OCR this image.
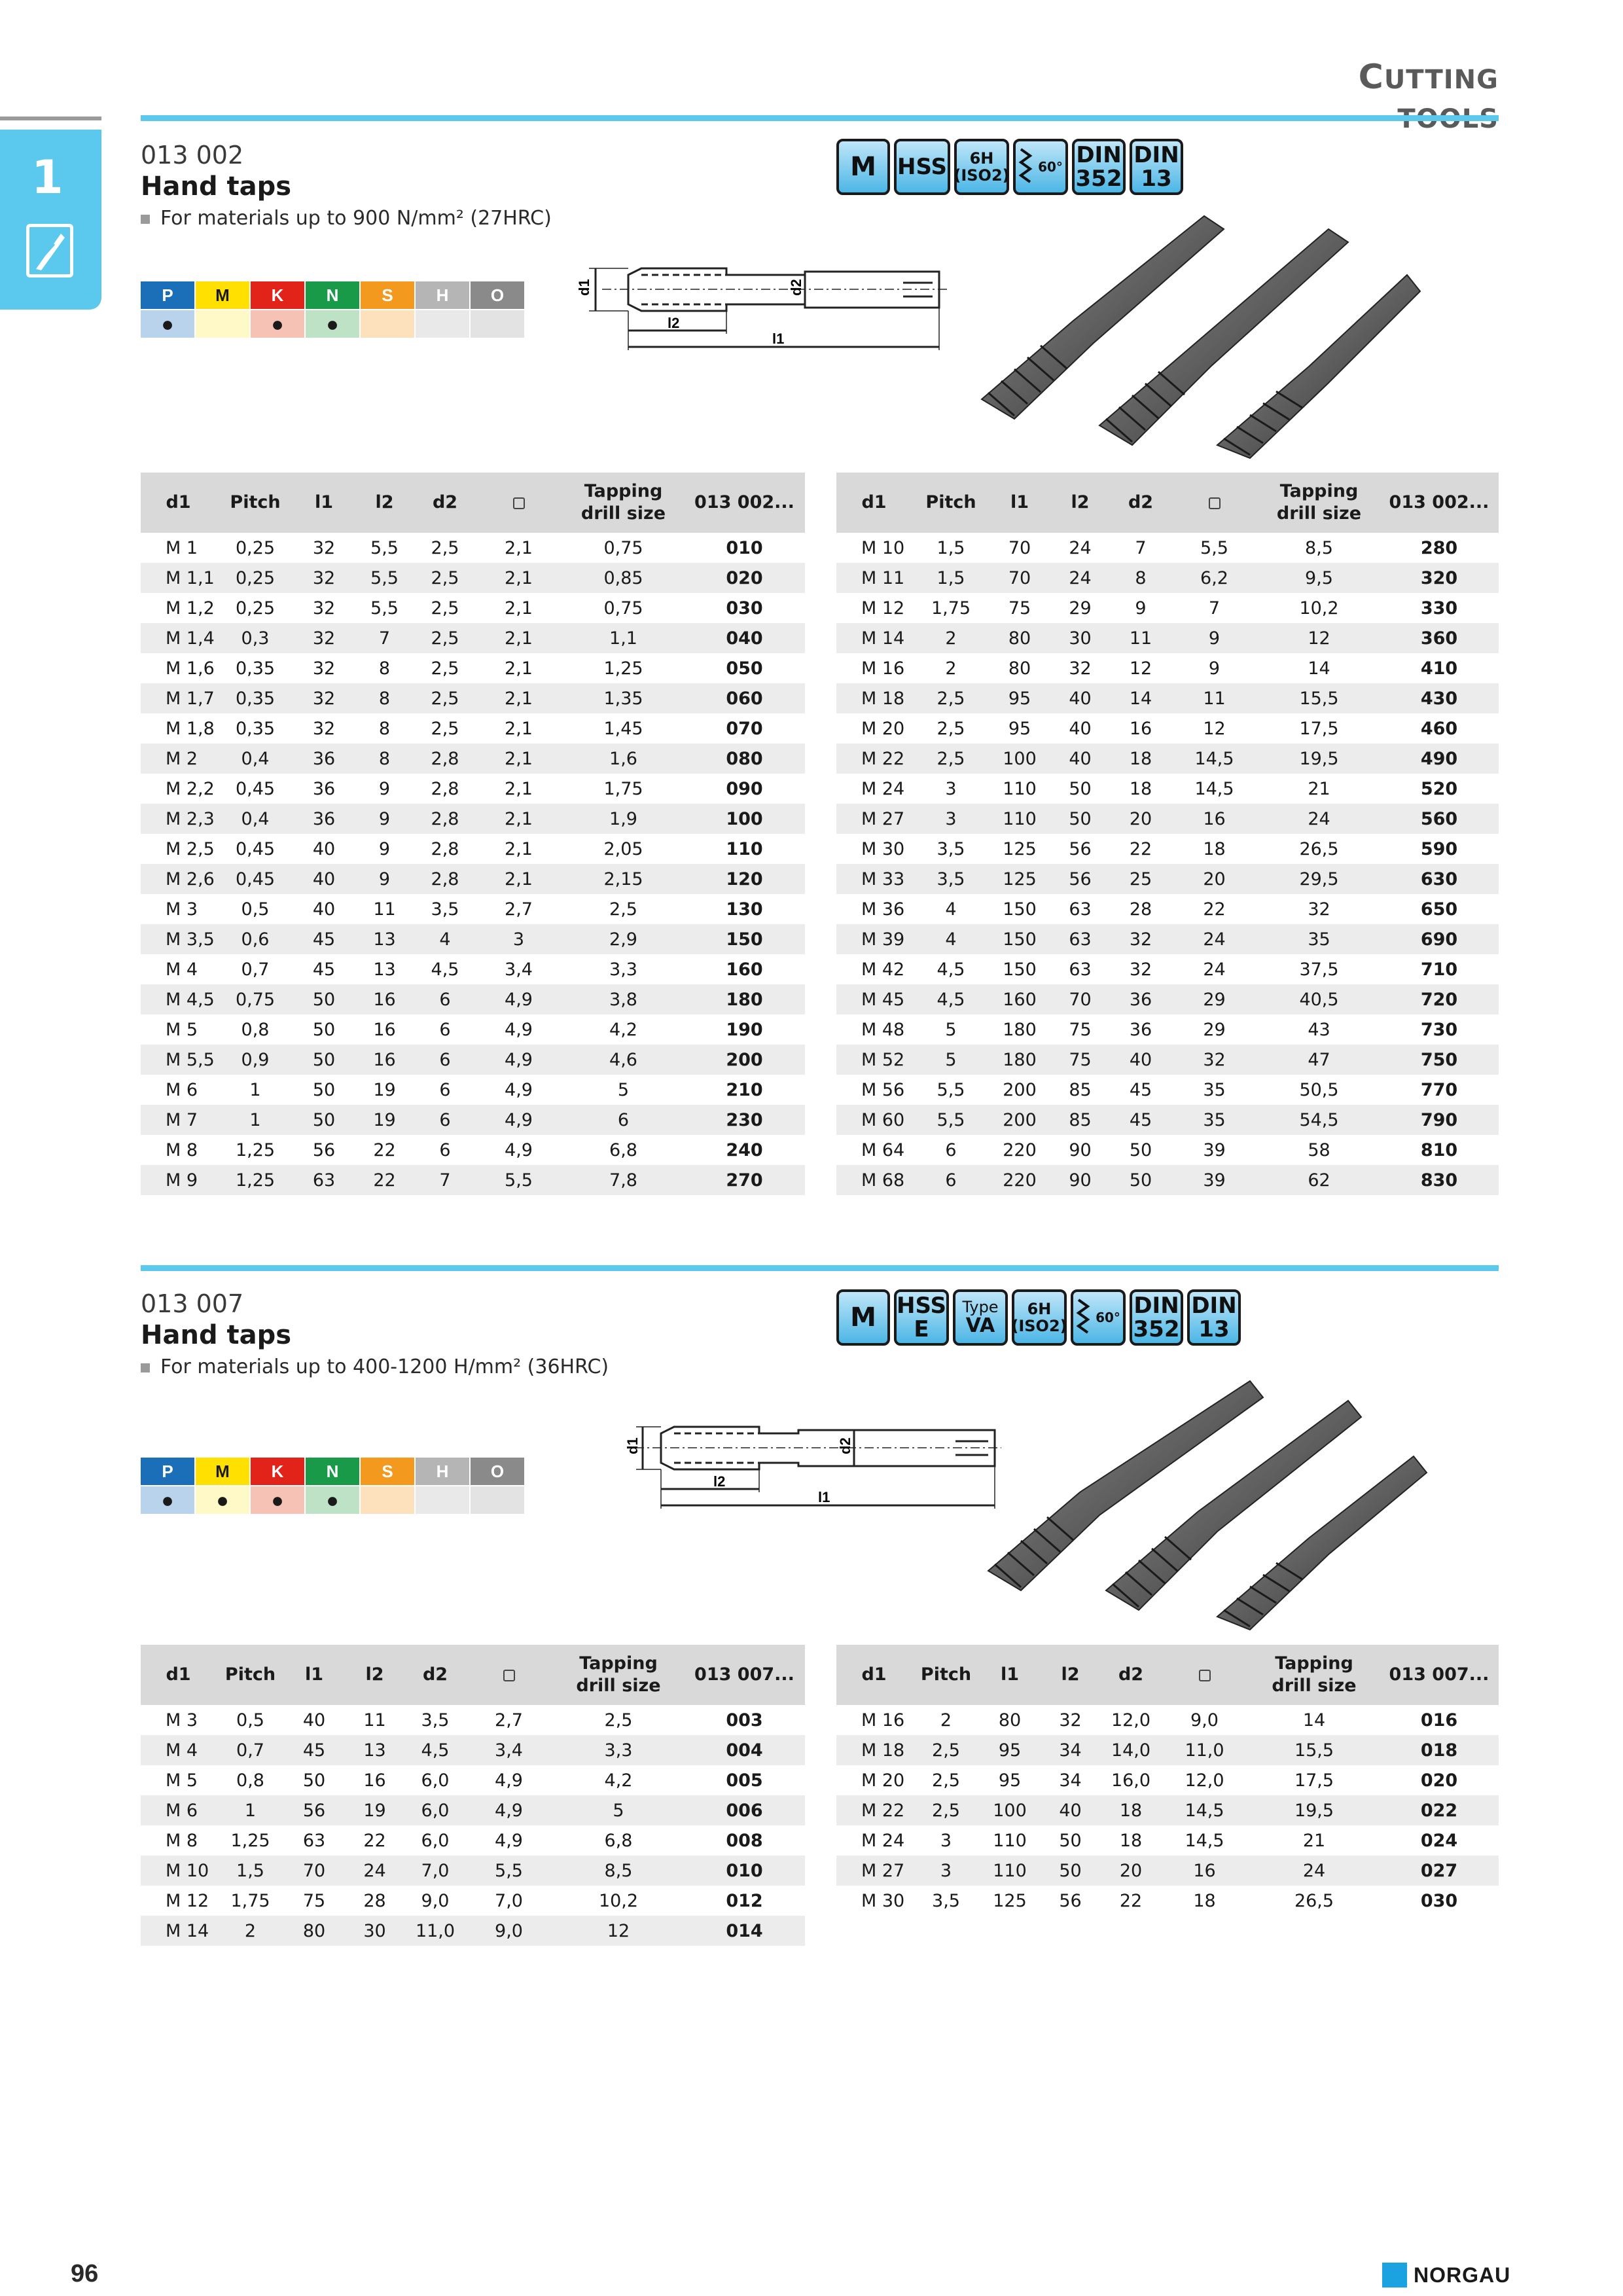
CUTTING
1	013 002
Hand taps
For materials up to 900 N/mm² (27HRC)
P
●
M	K
●
N
●
S	H	O
M HSS 6H
(ISO2) 60° DIN
352
DIN
13
d1	d2
l2
l1
d1	Pitch	l1	l2	d2		Tapping
drill size	013 002...
M 1	0,25	32	5,5	2,5	2,1	0,75	010
M 1,1	0,25	32	5,5	2,5	2,1	0,85	020
M 1,2	0,25	32	5,5	2,5	2,1	0,75	030
M 1,4	0,3	32	7	2,5	2,1	1,1	040
M 1,6	0,35	32	8	2,5	2,1	1,25	050
M 1,7	0,35	32	8	2,5	2,1	1,35	060
M 1,8	0,35	32	8	2,5	2,1	1,45	070
M 2	0,4	36	8	2,8	2,1	1,6	080
M 2,2	0,45	36	9	2,8	2,1	1,75	090
M 2,3	0,4	36	9	2,8	2,1	1,9	100
M 2,5	0,45	40	9	2,8	2,1	2,05	110
M 2,6	0,45	40	9	2,8	2,1	2,15	120
M 3	0,5	40	11	3,5	2,7	2,5	130
M 3,5	0,6	45	13	4	3	2,9	150
M 4	0,7	45	13	4,5	3,4	3,3	160
M 4,5	0,75	50	16	6	4,9	3,8	180
M 5	0,8	50	16	6	4,9	4,2	190
M 5,5	0,9	50	16	6	4,9	4,6	200
M 6	1	50	19	6	4,9	5	210
M 7	1	50	19	6	4,9	6	230
M 8	1,25	56	22	6	4,9	6,8	240
M 9	1,25	63	22	7	5,5	7,8	270
d1	Pitch	l1	l2	d2		Tapping
drill size	013 002...
M 10	1,5	70	24	7	5,5	8,5	280
M 11	1,5	70	24	8	6,2	9,5	320
M 12	1,75	75	29	9	7	10,2	330
M 14	2	80	30	11	9	12	360
M 16	2	80	32	12	9	14	410
M 18	2,5	95	40	14	11	15,5	430
M 20	2,5	95	40	16	12	17,5	460
M 22	2,5	100	40	18	14,5	19,5	490
M 24	3	110	50	18	14,5	21	520
M 27	3	110	50	20	16	24	560
M 30	3,5	125	56	22	18	26,5	590
M 33	3,5	125	56	25	20	29,5	630
M 36	4	150	63	28	22	32	650
M 39	4	150	63	32	24	35	690
M 42	4,5	150	63	32	24	37,5	710
M 45	4,5	160	70	36	29	40,5	720
M 48	5	180	75	36	29	43	730
M 52	5	180	75	40	32	47	750
M 56	5,5	200	85	45	35	50,5	770
M 60	5,5	200	85	45	35	54,5	790
M 64	6	220	90	50	39	58	810
M 68	6	220	90	50	39	62	830
013 007
Hand taps
For materials up to 400-1200 H/mm² (36HRC)
P
●
M
●
K
●
N
●
S	H	O
M HSS
E
Type
VA
6H
(ISO2) 60° DIN
352
DIN
13
d1	d2
l2
l1
d1	Pitch	l1	l2	d2		Tapping
drill size	013 007...
M 3	0,5	40	11	3,5	2,7	2,5	003
M 4	0,7	45	13	4,5	3,4	3,3	004
M 5	0,8	50	16	6,0	4,9	4,2	005
M 6	1	56	19	6,0	4,9	5	006
M 8	1,25	63	22	6,0	4,9	6,8	008
M 10	1,5	70	24	7,0	5,5	8,5	010
M 12	1,75	75	28	9,0	7,0	10,2	012
M 14	2	80	30	11,0	9,0	12	014
d1	Pitch	l1	l2	d2		Tapping
drill size	013 007...
M 16	2	80	32	12,0	9,0	14	016
M 18	2,5	95	34	14,0	11,0	15,5	018
M 20	2,5	95	34	16,0	12,0	17,5	020
M 22	2,5	100	40	18	14,5	19,5	022
M 24	3	110	50	18	14,5	21	024
M 27	3	110	50	20	16	24	027
M 30	3,5	125	56	22	18	26,5	030
96	NORGAU
